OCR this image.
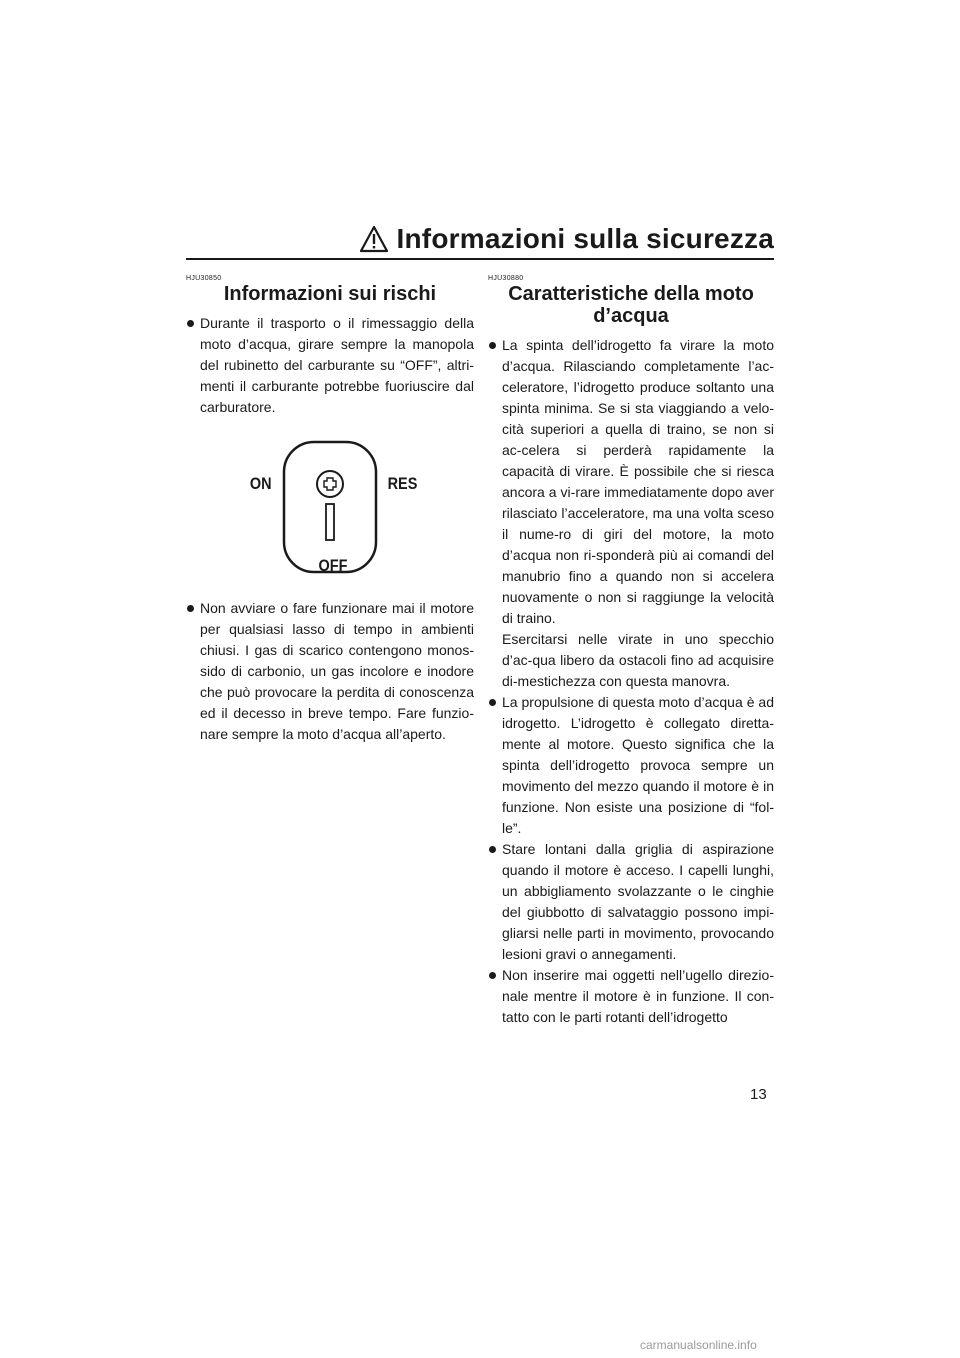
Informazioni sulla sicurezza

HJU30850

Informazioni sui rischi
Durante il trasporto o il rimessaggio della moto d’acqua, girare sempre la manopola del rubinetto del carburante su “OFF”, altri-menti il carburante potrebbe fuoriuscire dal carburatore.
ON	RES
OFF
Non avviare o fare funzionare mai il motore per qualsiasi lasso di tempo in ambienti chiusi. I gas di scarico contengono monos-sido di carbonio, un gas incolore e inodore che può provocare la perdita di conoscenza ed il decesso in breve tempo. Fare funzio-nare sempre la moto d’acqua all’aperto.

HJU30880

Caratteristiche della moto d’acqua
La spinta dell’idrogetto fa virare la moto d’acqua. Rilasciando completamente l’ac-celeratore, l’idrogetto produce soltanto una spinta minima. Se si sta viaggiando a velo-cità superiori a quella di traino, se non si ac-celera si perderà rapidamente la capacità di virare. È possibile che si riesca ancora a vi-rare immediatamente dopo aver rilasciato l’acceleratore, ma una volta sceso il nume-ro di giri del motore, la moto d’acqua non ri-sponderà più ai comandi del manubrio fino a quando non si accelera nuovamente o non si raggiunge la velocità di traino.

Esercitarsi nelle virate in uno specchio d’ac-qua libero da ostacoli fino ad acquisire di-mestichezza con questa manovra.

La propulsione di questa moto d’acqua è ad idrogetto. L’idrogetto è collegato diretta-mente al motore. Questo significa che la spinta dell’idrogetto provoca sempre un movimento del mezzo quando il motore è in funzione. Non esiste una posizione di “fol-le”.
Stare lontani dalla griglia di aspirazione quando il motore è acceso. I capelli lunghi, un abbigliamento svolazzante o le cinghie del giubbotto di salvataggio possono impi-gliarsi nelle parti in movimento, provocando lesioni gravi o annegamenti.
Non inserire mai oggetti nell’ugello direzio-nale mentre il motore è in funzione. Il con-tatto con le parti rotanti dell’idrogetto
13
carmanualsonline.info
